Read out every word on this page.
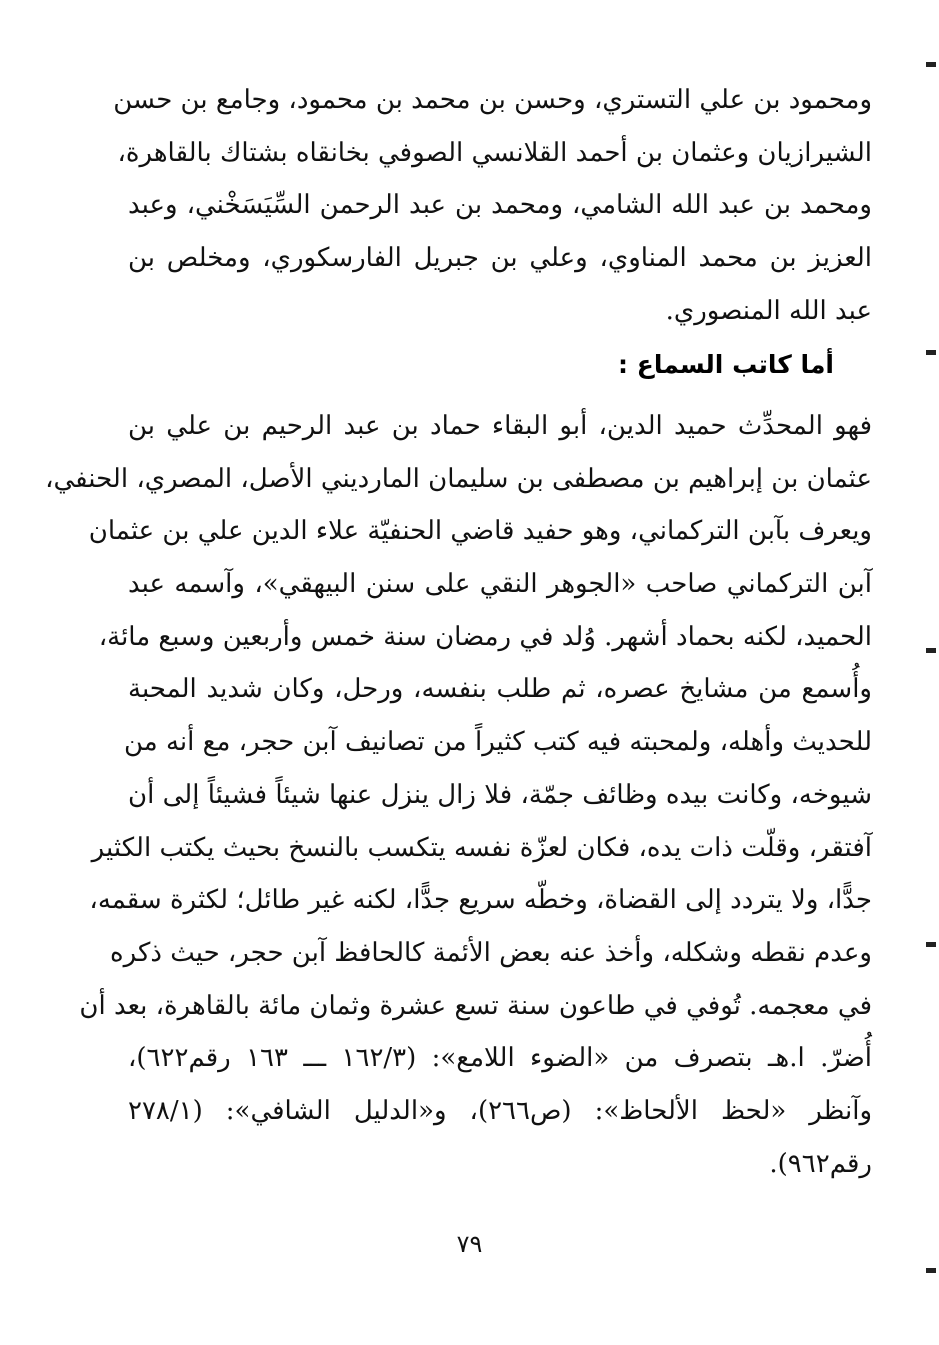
ومحمود بن علي التستري، وحسن بن محمد بن محمود، وجامع بن حسن
الشيرازيان وعثمان بن أحمد القلانسي الصوفي بخانقاه بشتاك بالقاهرة،
ومحمد بن عبد الله الشامي، ومحمد بن عبد الرحمن السِّيَسَخْني، وعبد
العزيز بن محمد المناوي، وعلي بن جبريل الفارسكوري، ومخلص بن
عبد الله المنصوري.
أما كاتب السماع :
فهو المحدِّث حميد الدين، أبو البقاء حماد بن عبد الرحيم بن علي بن
عثمان بن إبراهيم بن مصطفى بن سليمان المارديني الأصل، المصري، الحنفي،
ويعرف بآبن التركماني، وهو حفيد قاضي الحنفيّة علاء الدين علي بن عثمان
آبن التركماني صاحب «الجوهر النقي على سنن البيهقي»، وآسمه عبد
الحميد، لكنه بحماد أشهر. وُلد في رمضان سنة خمس وأربعين وسبع مائة،
وأُسمع من مشايخ عصره، ثم طلب بنفسه، ورحل، وكان شديد المحبة
للحديث وأهله، ولمحبته فيه كتب كثيراً من تصانيف آبن حجر، مع أنه من
شيوخه، وكانت بيده وظائف جمّة، فلا زال ينزل عنها شيئاً فشيئاً إلى أن
آفتقر، وقلّت ذات يده، فكان لعزّة نفسه يتكسب بالنسخ بحيث يكتب الكثير
جدًّا، ولا يتردد إلى القضاة، وخطّه سريع جدًّا، لكنه غير طائل؛ لكثرة سقمه،
وعدم نقطه وشكله، وأخذ عنه بعض الأئمة كالحافظ آبن حجر، حيث ذكره
في معجمه. تُوفي في طاعون سنة تسع عشرة وثمان مائة بالقاهرة، بعد أن
أُضرّ. ا.هـ بتصرف من «الضوء اللامع»: (١٦٢/٣ ـــ ١٦٣ رقم٦٢٢)،
وآنظر «لحظ الألحاظ»: (ص٢٦٦)، و«الدليل الشافي»: (٢٧٨/١
رقم٩٦٢).
٧٩
